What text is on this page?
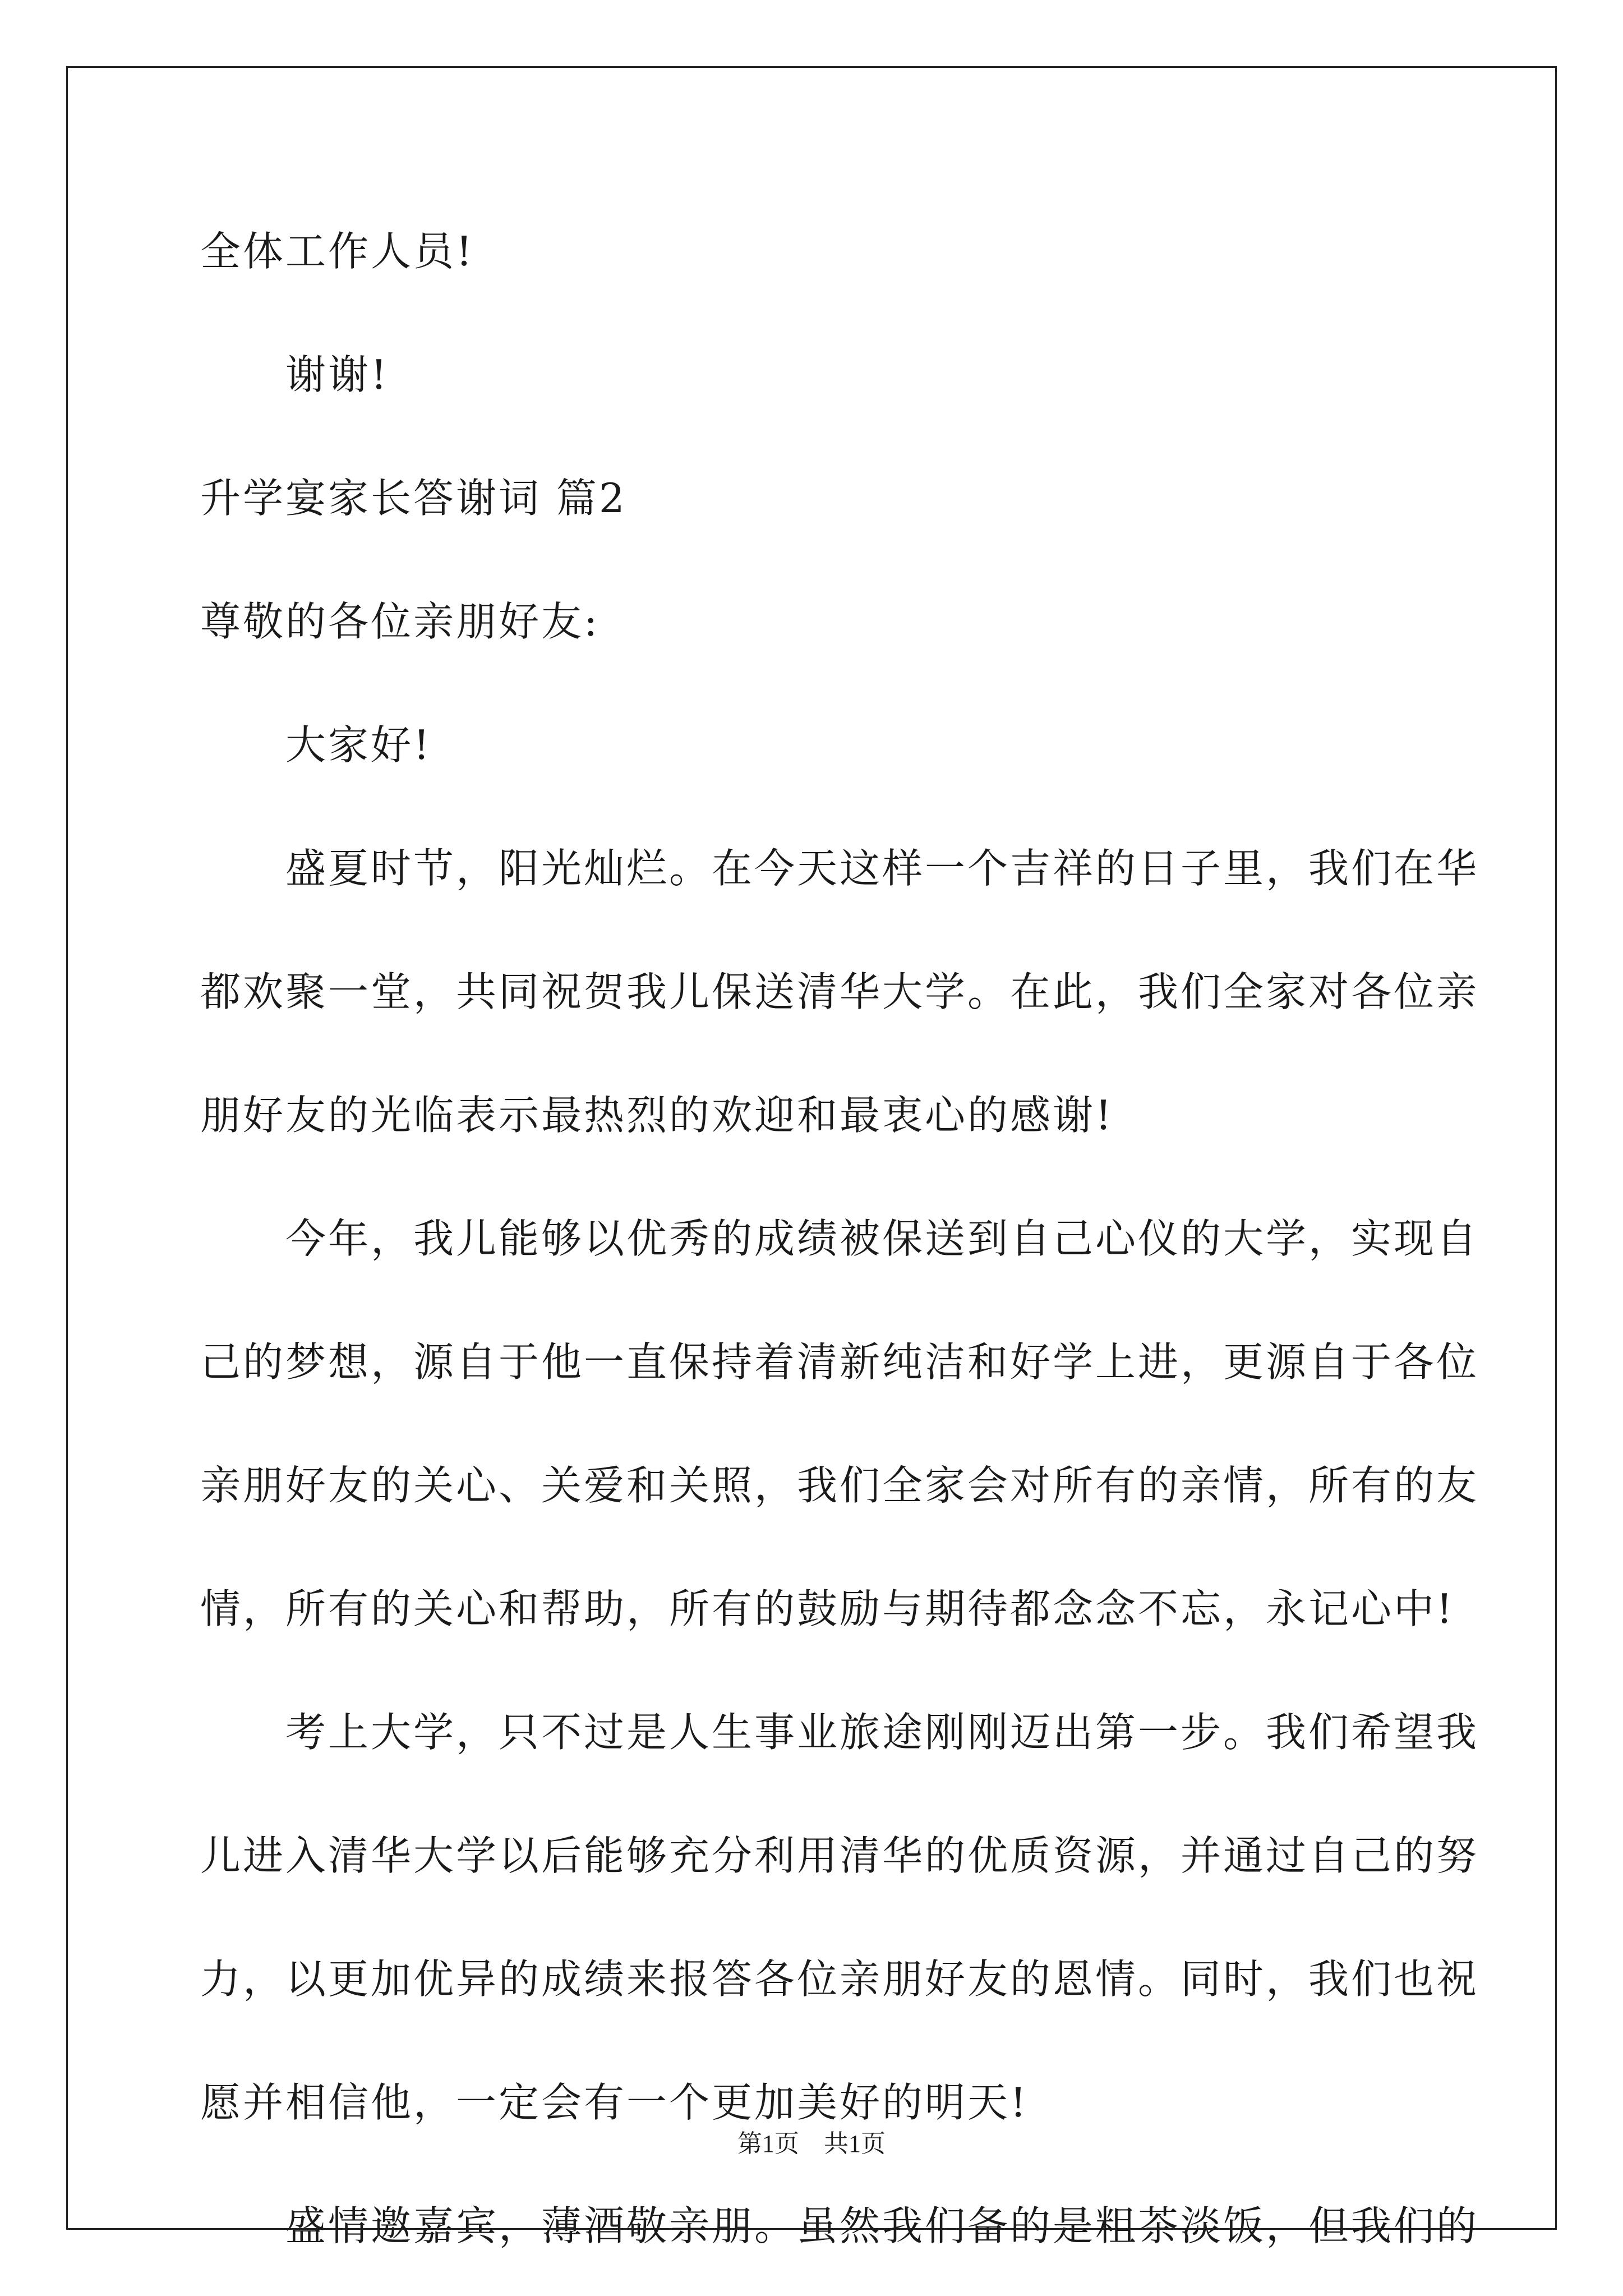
全体工作人员!
　　谢谢!
升学宴家长答谢词 篇2
尊敬的各位亲朋好友:
　　大家好!
　　盛夏时节，阳光灿烂。在今天这样一个吉祥的日子里，我们在华
都欢聚一堂，共同祝贺我儿保送清华大学。在此，我们全家对各位亲
朋好友的光临表示最热烈的欢迎和最衷心的感谢!
　　今年，我儿能够以优秀的成绩被保送到自己心仪的大学，实现自
己的梦想，源自于他一直保持着清新纯洁和好学上进，更源自于各位
亲朋好友的关心、关爱和关照，我们全家会对所有的亲情，所有的友
情，所有的关心和帮助，所有的鼓励与期待都念念不忘，永记心中!
　　考上大学，只不过是人生事业旅途刚刚迈出第一步。我们希望我
儿进入清华大学以后能够充分利用清华的优质资源，并通过自己的努
力，以更加优异的成绩来报答各位亲朋好友的恩情。同时，我们也祝
愿并相信他，一定会有一个更加美好的明天!
　　盛情邀嘉宾，薄酒敬亲朋。虽然我们备的是粗茶淡饭，但我们的
第1页　共1页
